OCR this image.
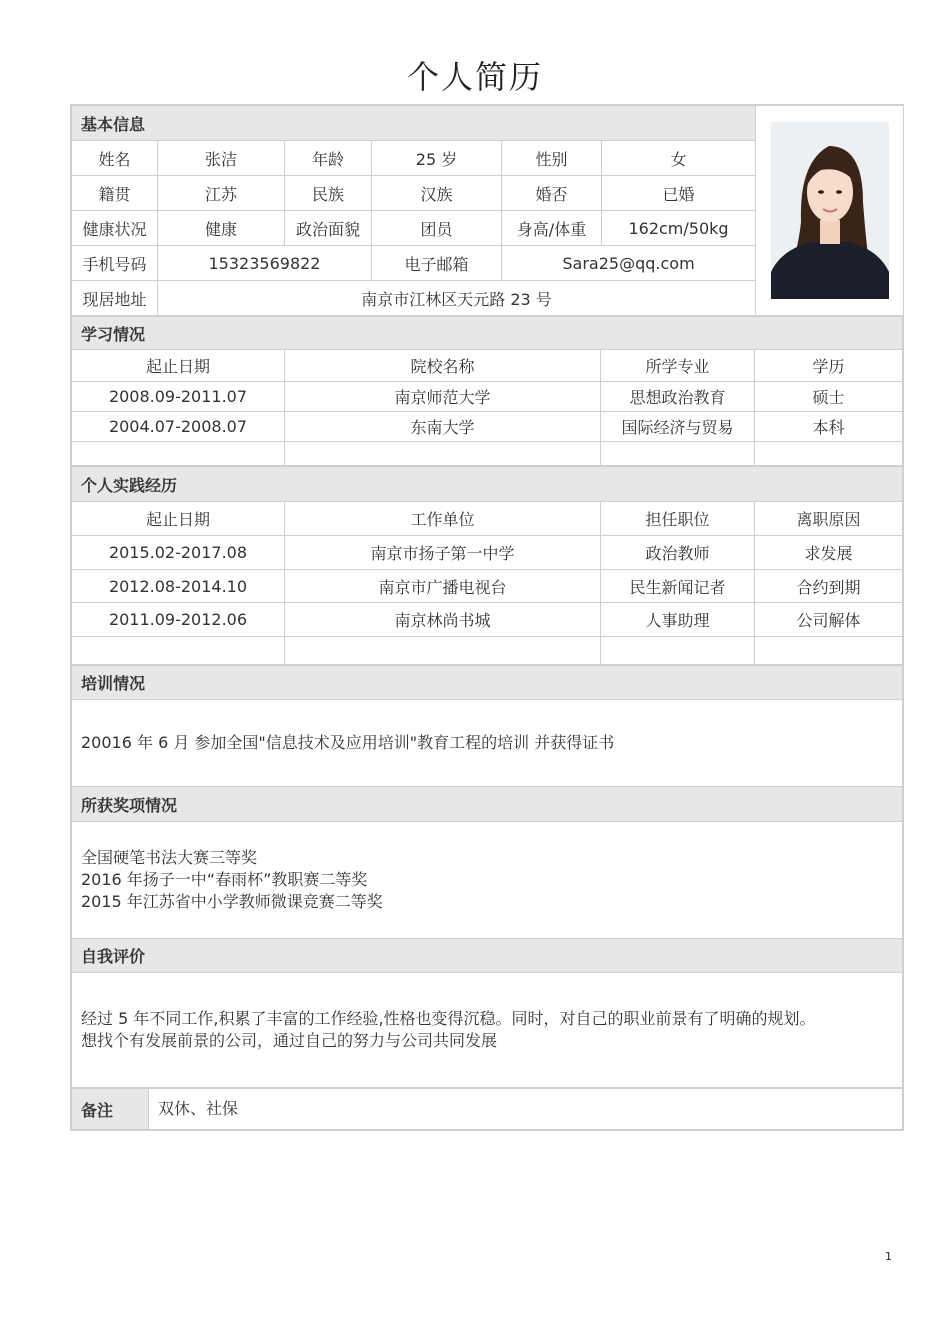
个人简历
基本信息	

姓名	张洁	年龄	25 岁	性别	女	
籍贯	江苏	民族	汉族	婚否	已婚	
健康状况	健康	政治面貌	团员	身高/体重	162cm/50kg	
手机号码	15323569822		电子邮箱	Sara25@qq.com		
现居地址	南京市江林区天元路 23 号					
学习情况			
起止日期	院校名称	所学专业	学历
2008.09-2011.07	南京师范大学	思想政治教育	硕士
2004.07-2008.07	东南大学	国际经济与贸易	本科

个人实践经历			
起止日期	工作单位	担任职位	离职原因
2015.02-2017.08	南京市扬子第一中学	政治教师	求发展
2012.08-2014.10	南京市广播电视台	民生新闻记者	合约到期
2011.09-2012.06	南京林尚书城	人事助理	公司解体

培训情况
20016 年 6 月 参加全国"信息技术及应用培训"教育工程的培训 并获得证书
所获奖项情况

全国硬笔书法大赛三等奖
2016 年扬子一中“春雨杯”教职赛二等奖
2015 年江苏省中小学教师微课竞赛二等奖

自我评价

经过 5 年不同工作,积累了丰富的工作经验,性格也变得沉稳。同时，对自己的职业前景有了明确的规划。
想找个有发展前景的公司，通过自己的努力与公司共同发展
备注	双休、社保
1
